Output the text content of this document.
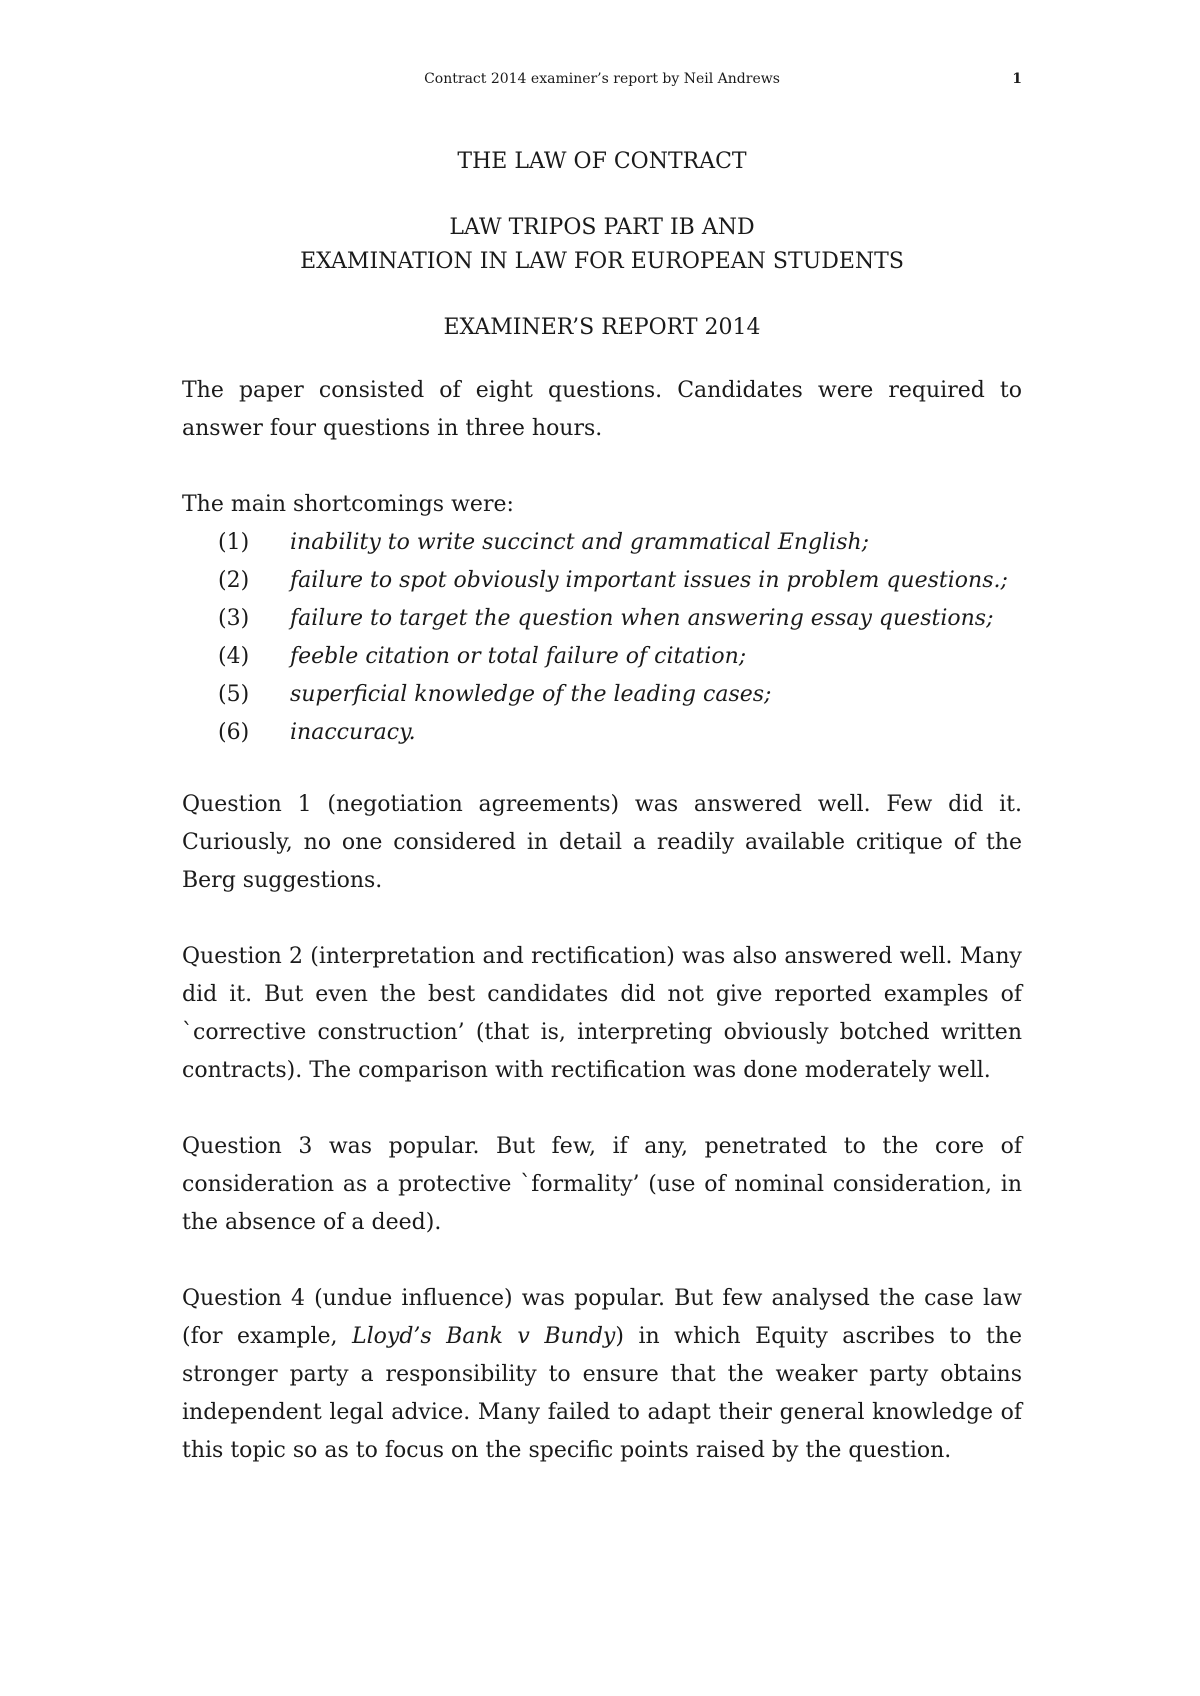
Contract 2014 examiner’s report by Neil Andrews	1
THE LAW OF CONTRACT
LAW TRIPOS PART IB AND
EXAMINATION IN LAW FOR EUROPEAN STUDENTS
EXAMINER’S REPORT 2014

The paper consisted of eight questions. Candidates were required to answer four questions in three hours.

The main shortcomings were:

(1)	inability to write succinct and grammatical English;
(2)	failure to spot obviously important issues in problem questions.;
(3)	failure to target the question when answering essay questions;
(4)	feeble citation or total failure of citation;
(5)	superficial knowledge of the leading cases;
(6)	inaccuracy.

Question 1 (negotiation agreements) was answered well. Few did it. Curiously, no one considered in detail a readily available critique of the Berg suggestions.

Question 2 (interpretation and rectification) was also answered well. Many did it. But even the best candidates did not give reported examples of `corrective construction’ (that is, interpreting obviously botched written contracts). The comparison with rectification was done moderately well.

Question 3 was popular. But few, if any, penetrated to the core of consideration as a protective `formality’ (use of nominal consideration, in the absence of a deed).

Question 4 (undue influence) was popular. But few analysed the case law (for example, Lloyd’s Bank v Bundy) in which Equity ascribes to the stronger party a responsibility to ensure that the weaker party obtains independent legal advice. Many failed to adapt their general knowledge of this topic so as to focus on the specific points raised by the question.
